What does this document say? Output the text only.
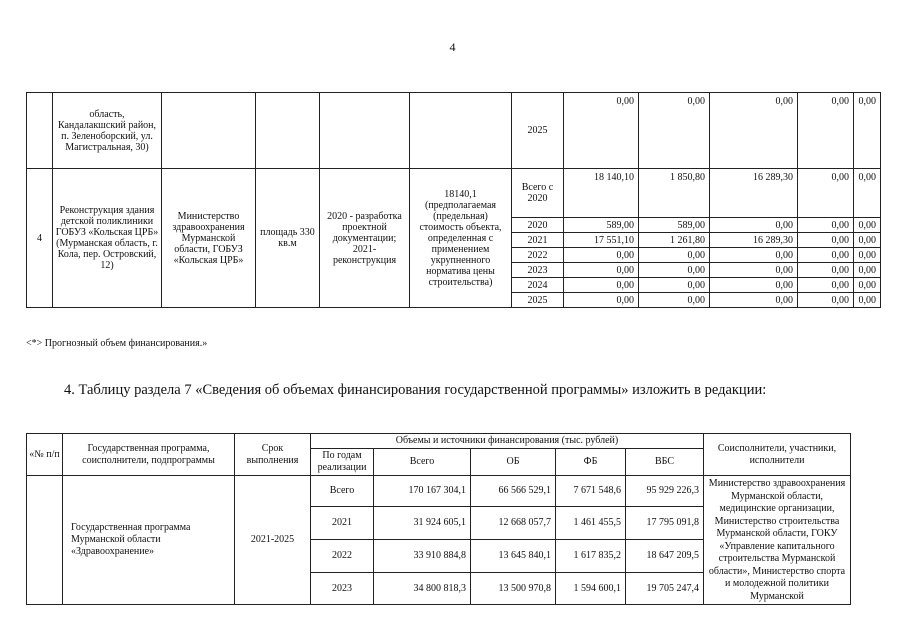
4
	область, Кандалакшский район, п. Зеленоборский, ул. Магистральная, 30)					2025	0,00	0,00	0,00	0,00	0,00
4	Реконструкция здания детской поликлиники ГОБУЗ «Кольская ЦРБ» (Мурманская область, г. Кола, пер. Островский, 12)	Министерство здравоохранения Мурманской области, ГОБУЗ «Кольская ЦРБ»	площадь 330 кв.м	2020 - разработка проектной документации; 2021- реконструкция	18140,1 (предполагаемая (предельная) стоимость объекта, определенная с применением укрупненного норматива цены строительства)	Всего с 2020	18 140,10	1 850,80	16 289,30	0,00	0,00
						2020	589,00	589,00	0,00	0,00	0,00
						2021	17 551,10	1 261,80	16 289,30	0,00	0,00
						2022	0,00	0,00	0,00	0,00	0,00
						2023	0,00	0,00	0,00	0,00	0,00
						2024	0,00	0,00	0,00	0,00	0,00
						2025	0,00	0,00	0,00	0,00	0,00
<*> Прогнозный объем финансирования.»
4. Таблицу раздела 7 «Сведения об объемах финансирования государственной программы» изложить в редакции:
«№ п/п	Государственная программа, соисполнители, подпрограммы	Срок выполнения	Объемы и источники финансирования (тыс. рублей)					Соисполнители, участники, исполнители
			По годам реализации	Всего	ОБ	ФБ	ВБС	
	Государственная программа Мурманской области «Здравоохранение»	2021-2025	Всего	170 167 304,1	66 566 529,1	7 671 548,6	95 929 226,3	Министерство здравоохранения Мурманской области, медицинские организации, Министерство строительства Мурманской области, ГОКУ «Управление капитального строительства Мурманской области», Министерство спорта и молодежной политики Мурманской
			2021	31 924 605,1	12 668 057,7	1 461 455,5	17 795 091,8	
			2022	33 910 884,8	13 645 840,1	1 617 835,2	18 647 209,5	
			2023	34 800 818,3	13 500 970,8	1 594 600,1	19 705 247,4	
